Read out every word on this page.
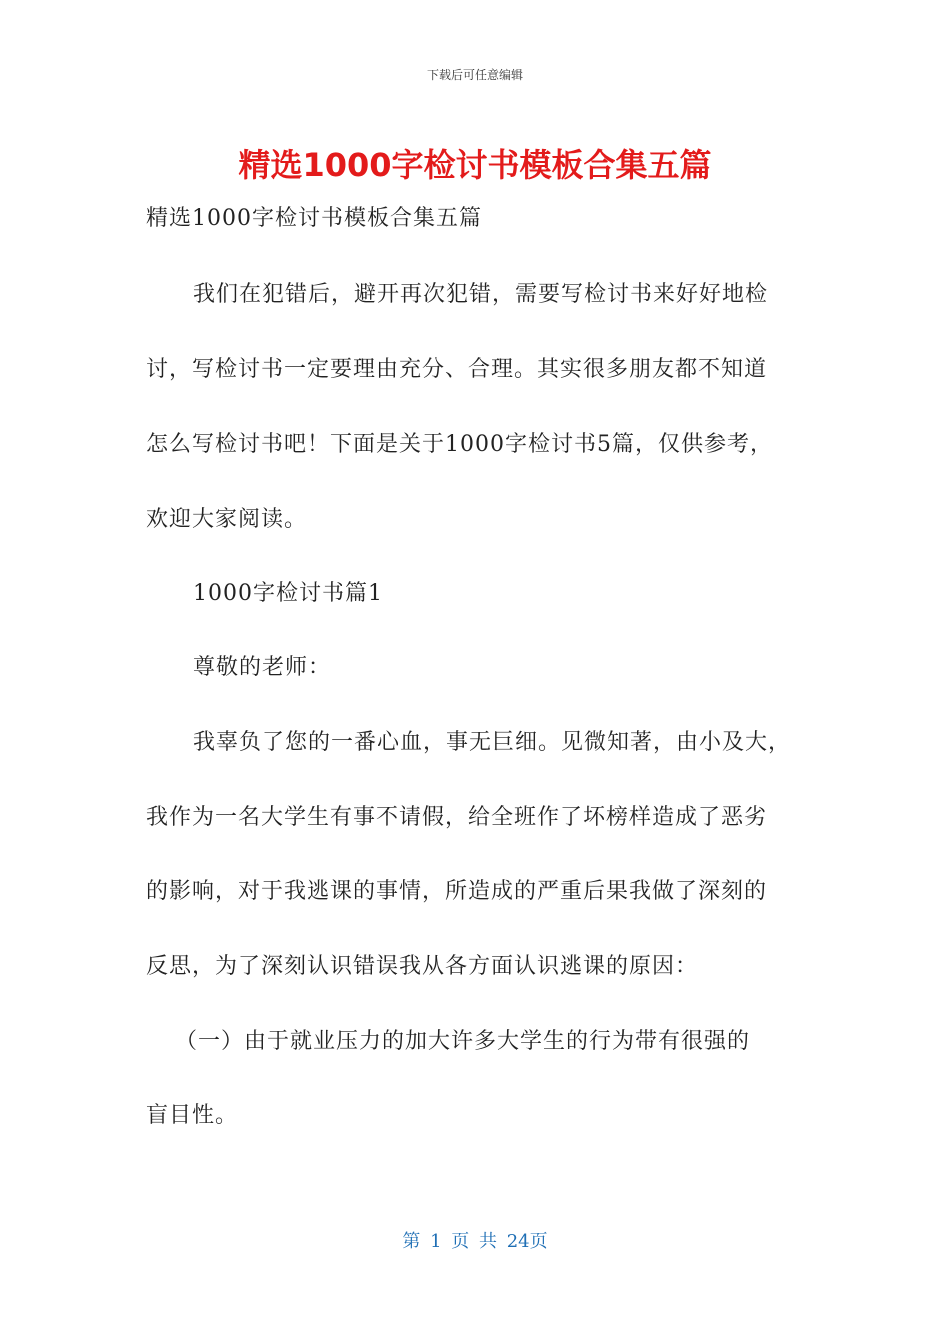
下载后可任意编辑
精选1000字检讨书模板合集五篇
精选1000字检讨书模板合集五篇
我们在犯错后，避开再次犯错，需要写检讨书来好好地检
讨，写检讨书一定要理由充分、合理。其实很多朋友都不知道
怎么写检讨书吧！下面是关于1000字检讨书5篇，仅供参考，
欢迎大家阅读。
1000字检讨书篇1
尊敬的老师：
我辜负了您的一番心血，事无巨细。见微知著，由小及大，
我作为一名大学生有事不请假，给全班作了坏榜样造成了恶劣
的影响，对于我逃课的事情，所造成的严重后果我做了深刻的
反思，为了深刻认识错误我从各方面认识逃课的原因：
（一）由于就业压力的加大许多大学生的行为带有很强的
盲目性。
第 1 页 共 24页
